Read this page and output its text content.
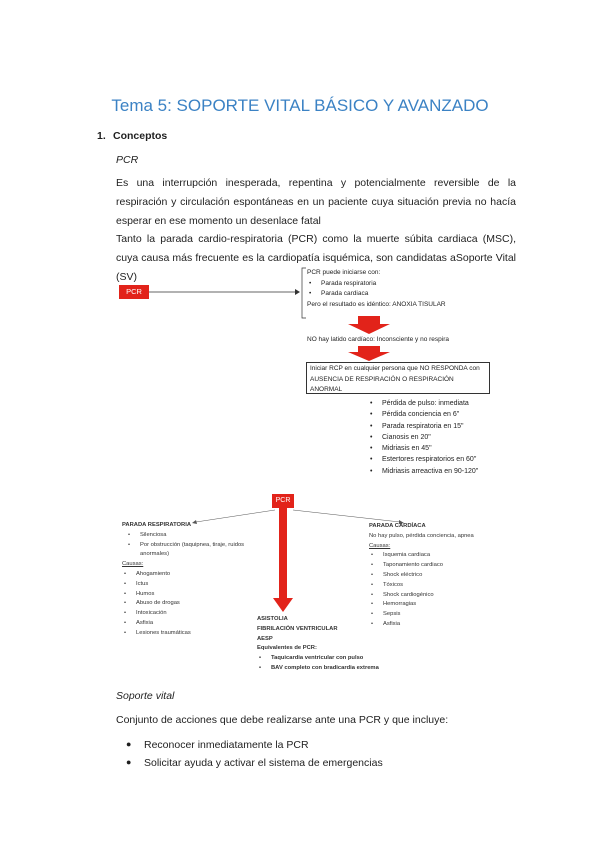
Tema 5: SOPORTE VITAL BÁSICO Y AVANZADO
1. Conceptos
PCR
Es una interrupción inesperada, repentina y potencialmente reversible de la respiración y circulación espontáneas en un paciente cuya situación previa no hacía esperar en ese momento un desenlace fatal
Tanto la parada cardio-respiratoria (PCR) como la muerte súbita cardiaca (MSC), cuya causa más frecuente es la cardiopatía isquémica, son candidatas aSoporte Vital (SV)
PCR
PCR puede iniciarse con:
• Parada respiratoria
• Parada cardiaca
Pero el resultado es idéntico: ANOXIA TISULAR
NO hay latido cardíaco: Inconsciente y no respira
Iniciar RCP en cualquier persona que NO RESPONDA con AUSENCIA DE RESPIRACIÓN O RESPIRACIÓN ANORMAL
• Pérdida de pulso: inmediata
• Pérdida conciencia en 6"
• Parada respiratoria en 15"
• Cianosis en 20"
• Midriasis en 45"
• Estertores respiratorios en 60"
• Midriasis arreactiva en 90-120"
PCR
PARADA RESPIRATORIA
• Silenciosa
• Por obstrucción (taquipnea, tiraje, ruidos anormales)
Causas:
• Ahogamiento
• Ictus
• Humos
• Abuso de drogas
• Intoxicación
• Asfixia
• Lesiones traumáticas
PARADA CARDÍACA
No hay pulso, pérdida conciencia, apnea
Causas:
• Isquemia cardiaca
• Taponamiento cardiaco
• Shock eléctrico
• Tóxicos
• Shock cardiogénico
• Hemorragias
• Sepsis
• Asfixia
ASISTOLIA
FIBRILACIÓN VENTRICULAR
AESP
Equivalentes de PCR:
• Taquicardia ventricular con pulso
• BAV completo con bradicardia extrema
Soporte vital
Conjunto de acciones que debe realizarse ante una PCR y que incluye:
● Reconocer inmediatamente la PCR
● Solicitar ayuda y activar el sistema de emergencias
